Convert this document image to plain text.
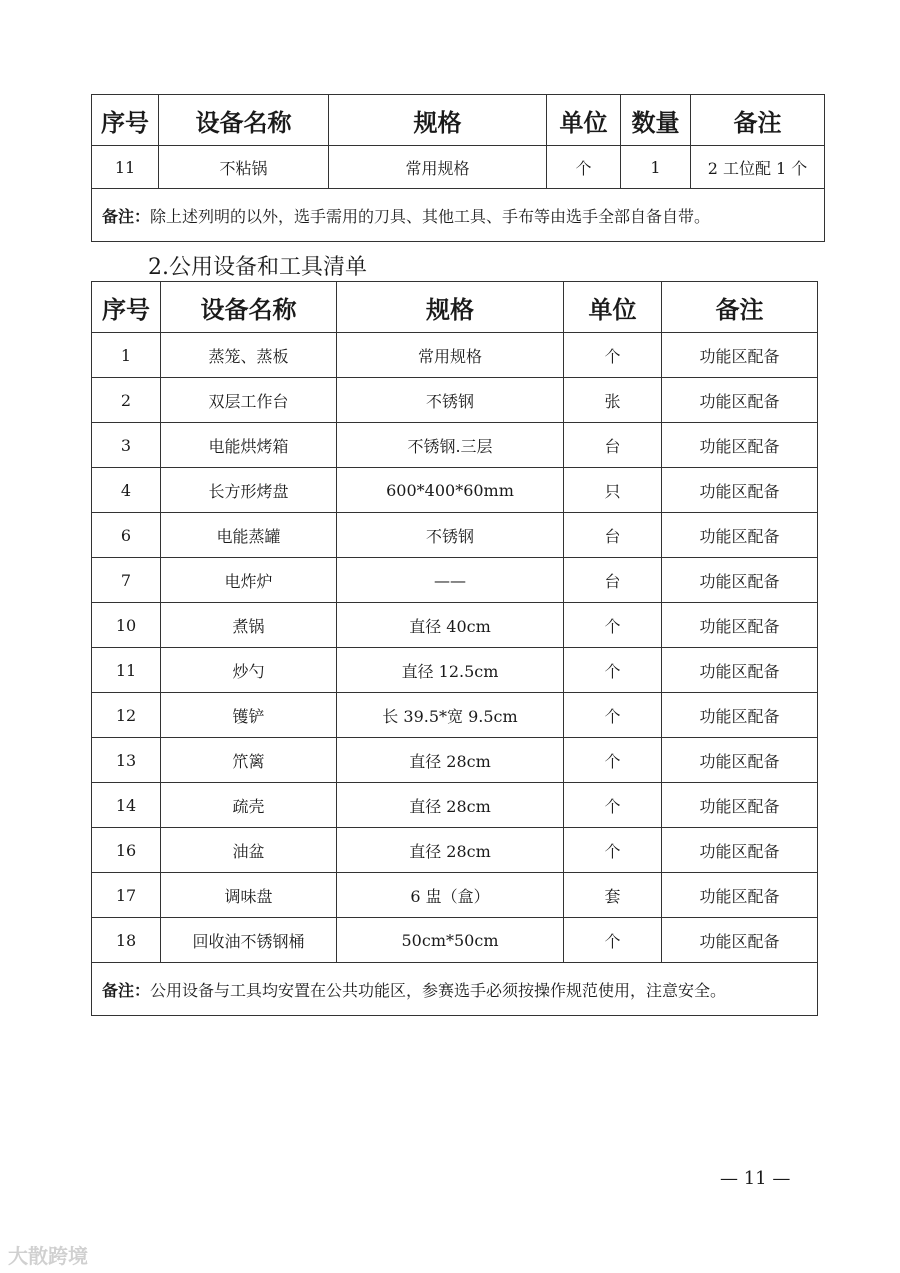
序号	设备名称	规格	单位	数量	备注
11	不粘锅	常用规格	个	1	2 工位配 1 个
备注：除上述列明的以外，选手需用的刀具、其他工具、手布等由选手全部自备自带。					
2.公用设备和工具清单
序号	设备名称	规格	单位	备注
1	蒸笼、蒸板	常用规格	个	功能区配备
2	双层工作台	不锈钢	张	功能区配备
3	电能烘烤箱	不锈钢.三层	台	功能区配备
4	长方形烤盘	600*400*60mm	只	功能区配备
6	电能蒸罐	不锈钢	台	功能区配备
7	电炸炉	——	台	功能区配备
10	煮锅	直径 40cm	个	功能区配备
11	炒勺	直径 12.5cm	个	功能区配备
12	镬铲	长 39.5*宽 9.5cm	个	功能区配备
13	笊篱	直径 28cm	个	功能区配备
14	疏壳	直径 28cm	个	功能区配备
16	油盆	直径 28cm	个	功能区配备
17	调味盘	6 盅（盒）	套	功能区配备
18	回收油不锈钢桶	50cm*50cm	个	功能区配备
备注：公用设备与工具均安置在公共功能区，参赛选手必须按操作规范使用，注意安全。				
— 11 —
大散跨境
